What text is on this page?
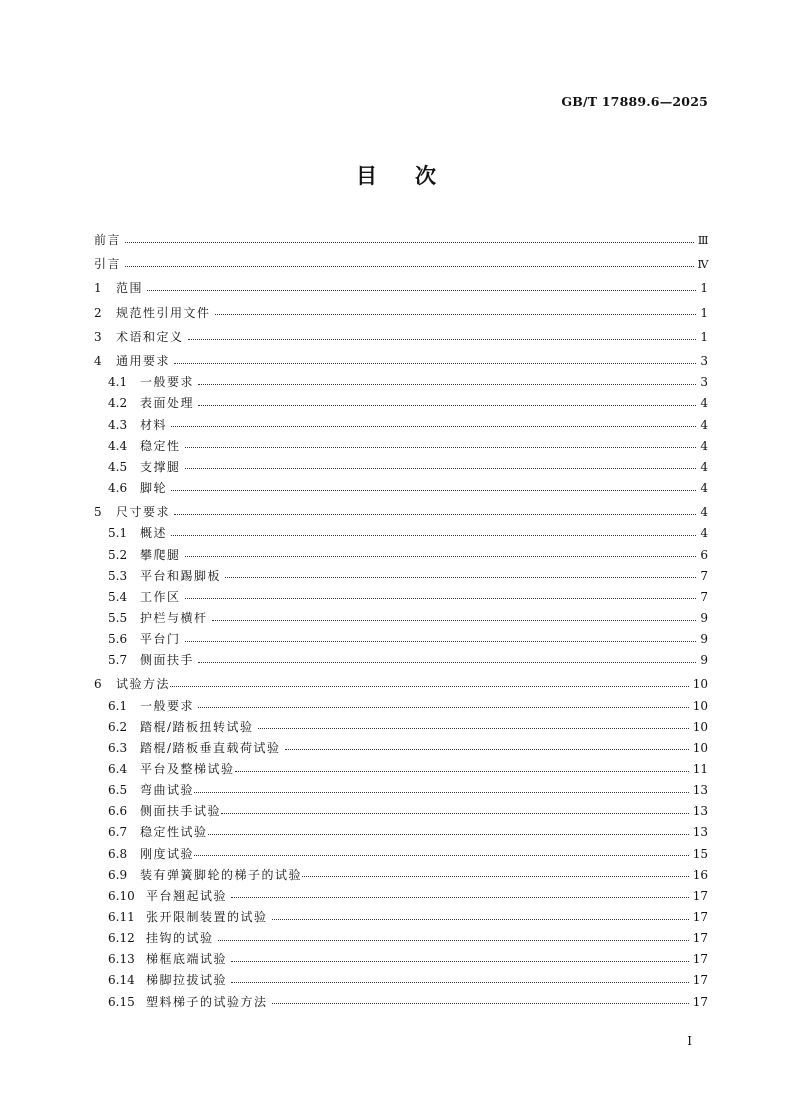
GB/T 17889.6—2025
目 次
前言	Ⅲ
引言	Ⅳ
1	范围	1
2	规范性引用文件	1
3	术语和定义	1
4	通用要求	3
4.1	一般要求	3
4.2	表面处理	4
4.3	材料	4
4.4	稳定性	4
4.5	支撑腿	4
4.6	脚轮	4
5	尺寸要求	4
5.1	概述	4
5.2	攀爬腿	6
5.3	平台和踢脚板	7
5.4	工作区	7
5.5	护栏与横杆	9
5.6	平台门	9
5.7	侧面扶手	9
6	试验方法	10
6.1	一般要求	10
6.2	踏棍/踏板扭转试验	10
6.3	踏棍/踏板垂直载荷试验	10
6.4	平台及整梯试验	11
6.5	弯曲试验	13
6.6	侧面扶手试验	13
6.7	稳定性试验	13
6.8	刚度试验	15
6.9	装有弹簧脚轮的梯子的试验	16
6.10 平台翘起试验	17
6.11 张开限制装置的试验	17
6.12 挂钩的试验	17
6.13 梯框底端试验	17
6.14 梯脚拉拔试验	17
6.15 塑料梯子的试验方法	17
I
